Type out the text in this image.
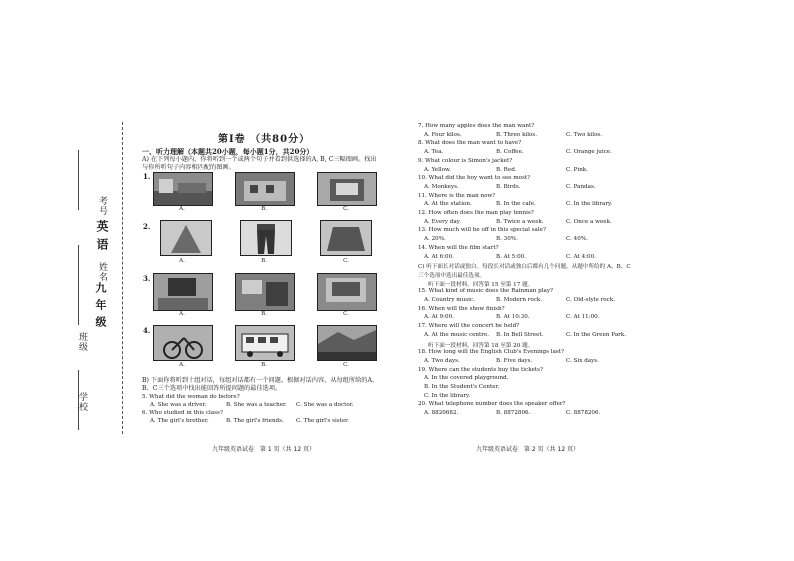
考号
英 语
姓名
班级
九 年 级
学校
第Ⅰ卷 （共80分）
一、听力理解（本题共20小题，每小题1分，共20分）
A) 在下列每小题内，你将听到一个或两个句子并看到供选择的A, B, C三幅图画。找出
与你所听句子内容相匹配的图画。
1.
A.	B.	C.
2.
A.	B.	C.
3.
A.	B.	C.
4.
A.	B.	C.
B) 下面你将听到十组对话，每组对话都有一个问题。根据对话内容，从每组所给的A、
B、C三个选项中找出能回答所提问题的最佳选项。
5. What did the woman do before?
A. She was a driver.	B. She was a teacher. C. She was a doctor.
6. Who studied in this class?
A. The girl's brother.	B. The girl's friends. C. The girl's sister.
九年级英语试卷　第 1 页（共 12 页）
7. How many apples does the man want?
A. Four kilos.	B. Three kilos.	C. Two kilos.
8. What does the man want to have?
A. Tea.	B. Coffee.	C. Orange juice.
9. What colour is Simon's jacket?
A. Yellow.	B. Red.	C. Pink.
10. What did the boy want to see most?
A. Monkeys.	B. Birds.	C. Pandas.
11. Where is the man now?
A. At the station.	B. In the cafe.	C. In the library.
12. How often does the man play tennis?
A. Every day.	B. Twice a week.	C. Once a week.
13. How much will be off in this special sale?
A. 20%.	B. 30%.	C. 40%.
14. When will the film start?
A. At 6:00.	B. At 5:00.	C. At 4:00.
C) 听下面长对话或独白。每段长对话或独白后都有几个问题，从题中所给的 A、B、C
三个选项中选出最佳选项。
听下面一段材料，回答第 15 至第 17 题。
15. What kind of music does the Rainman play?
A. Country music.	B. Modern rock.	C. Old-style rock.
16. When will the show finish?
A. At 9:00.	B. At 10:30.	C. At 11:00.
17. Where will the concert be held?
A. At the music centre. B. In Bell Street.	C. In the Green Park.
听下面一段材料，回答第 18 至第 20 题。
18. How long will the English Club's Evenings last?
A. Two days.	B. Five days.	C. Six days.
19. Where can the students buy the tickets?
A. In the covered playground.
B. In the Student's Center.
C. In the library.
20. What telephone number does the speaker offer?
A. 8820682.	B. 8872806.	C. 8878206.
九年级英语试卷　第 2 页（共 12 页）
